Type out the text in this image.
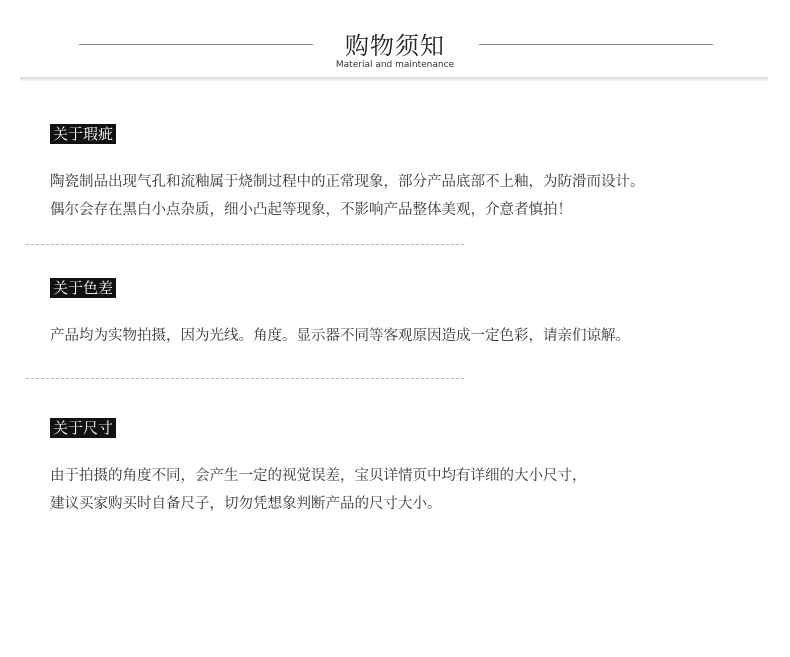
购物须知
Material and maintenance
关于瑕疵
陶瓷制品出现气孔和流釉属于烧制过程中的正常现象，部分产品底部不上釉，为防滑而设计。
偶尔会存在黑白小点杂质，细小凸起等现象，不影响产品整体美观，介意者慎拍！
关于色差
产品均为实物拍摄，因为光线。角度。显示器不同等客观原因造成一定色彩，请亲们谅解。
关于尺寸
由于拍摄的角度不同，会产生一定的视觉误差，宝贝详情页中均有详细的大小尺寸，
建议买家购买时自备尺子，切勿凭想象判断产品的尺寸大小。
